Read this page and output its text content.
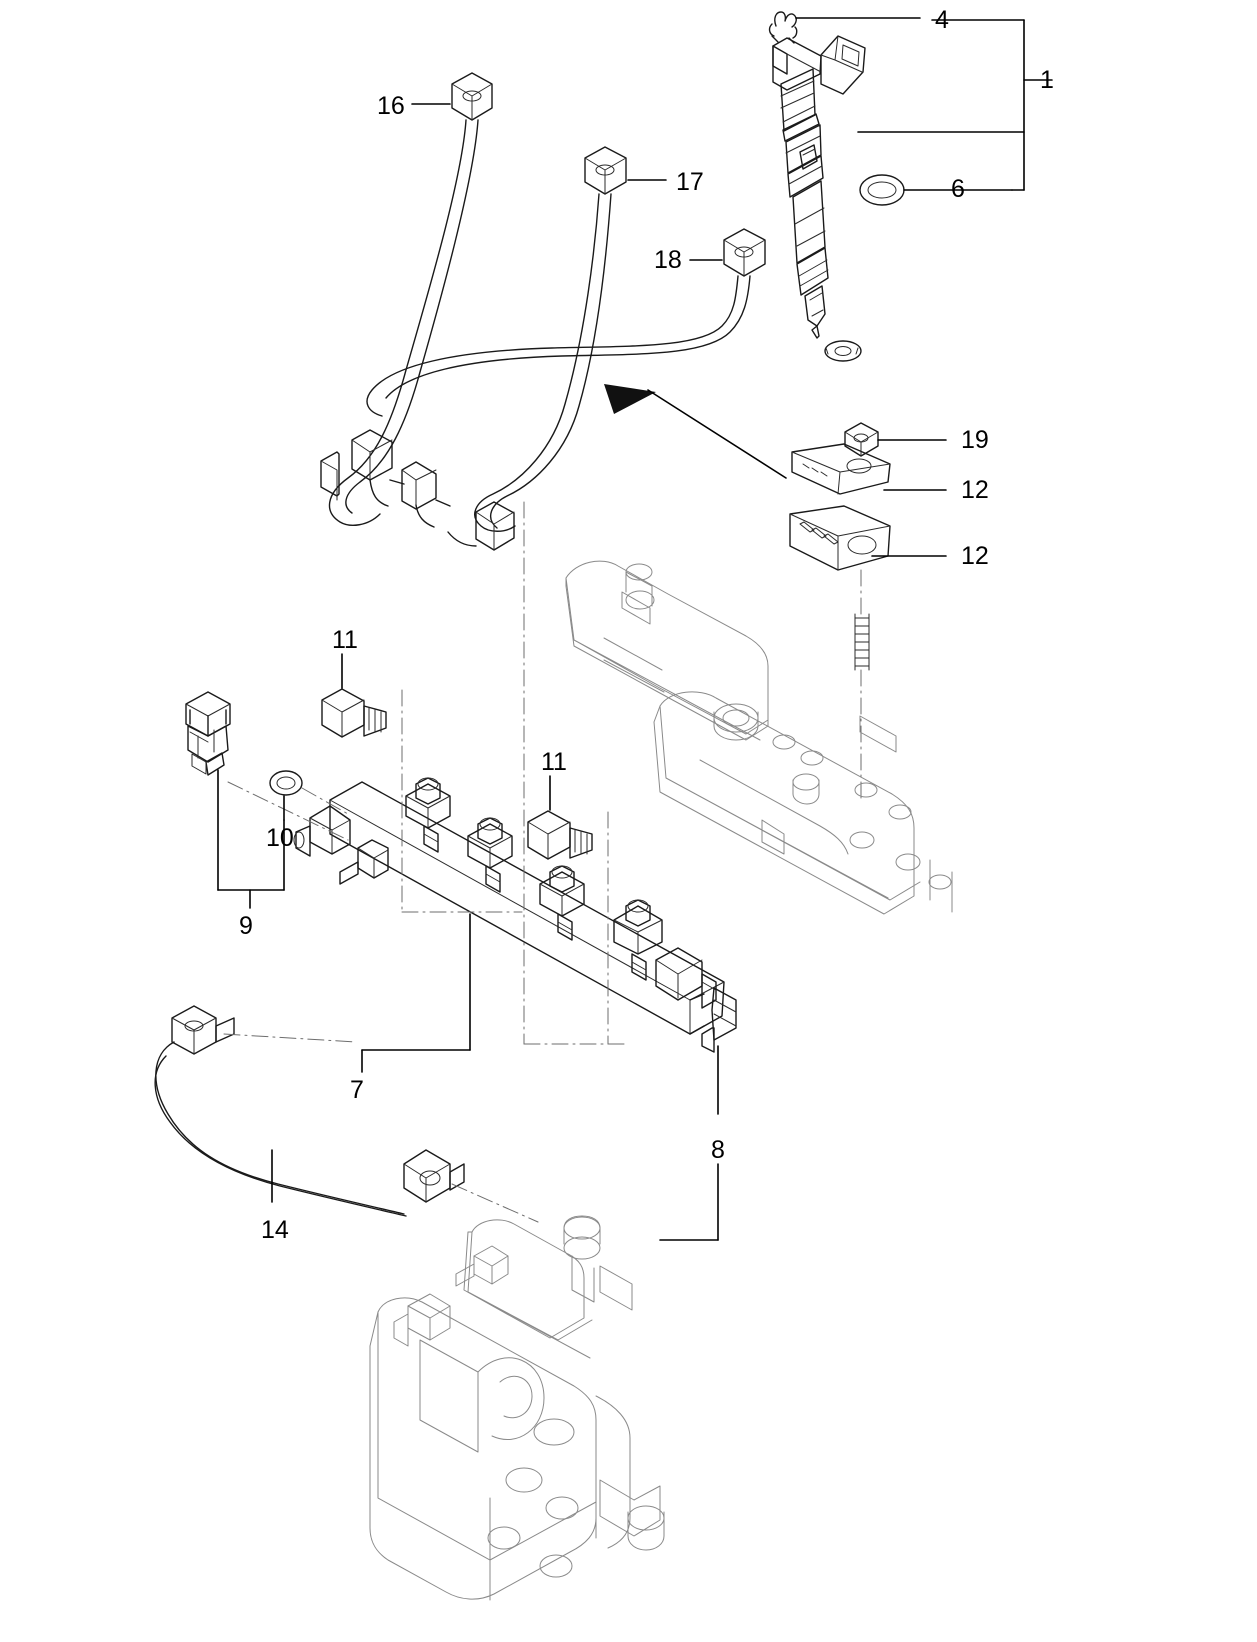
4
1
16
6
17
18
19
12
12
11
11
10
9
7
8
14
